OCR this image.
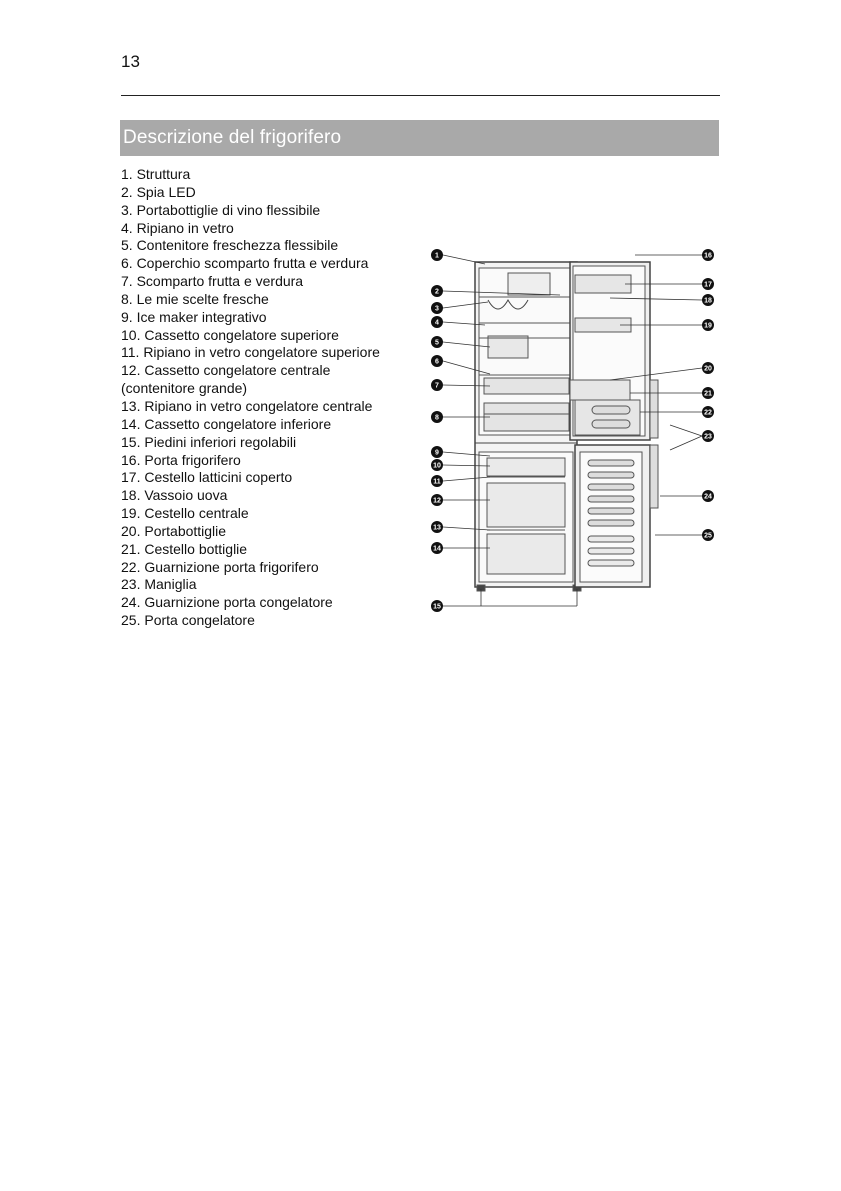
13
Descrizione del frigorifero
1. Struttura
2. Spia LED
3. Portabottiglie di vino flessibile
4. Ripiano in vetro
5. Contenitore freschezza flessibile
6. Coperchio scomparto frutta e verdura
7. Scomparto frutta e verdura
8. Le mie scelte fresche
9. Ice maker integrativo
10. Cassetto congelatore superiore
11. Ripiano in vetro congelatore superiore
12. Cassetto congelatore centrale
(contenitore grande)
13. Ripiano in vetro congelatore centrale
14. Cassetto congelatore inferiore
15. Piedini inferiori regolabili
16. Porta frigorifero
17. Cestello latticini coperto
18. Vassoio uova
19. Cestello centrale
20. Portabottiglie
21. Cestello bottiglie
22. Guarnizione porta frigorifero
23. Maniglia
24. Guarnizione porta congelatore
25. Porta congelatore
1
2
3
4
5
6
7
8
9
10
11
12
13
14
15
16
17
18
19
20
21
22
23
24
25
